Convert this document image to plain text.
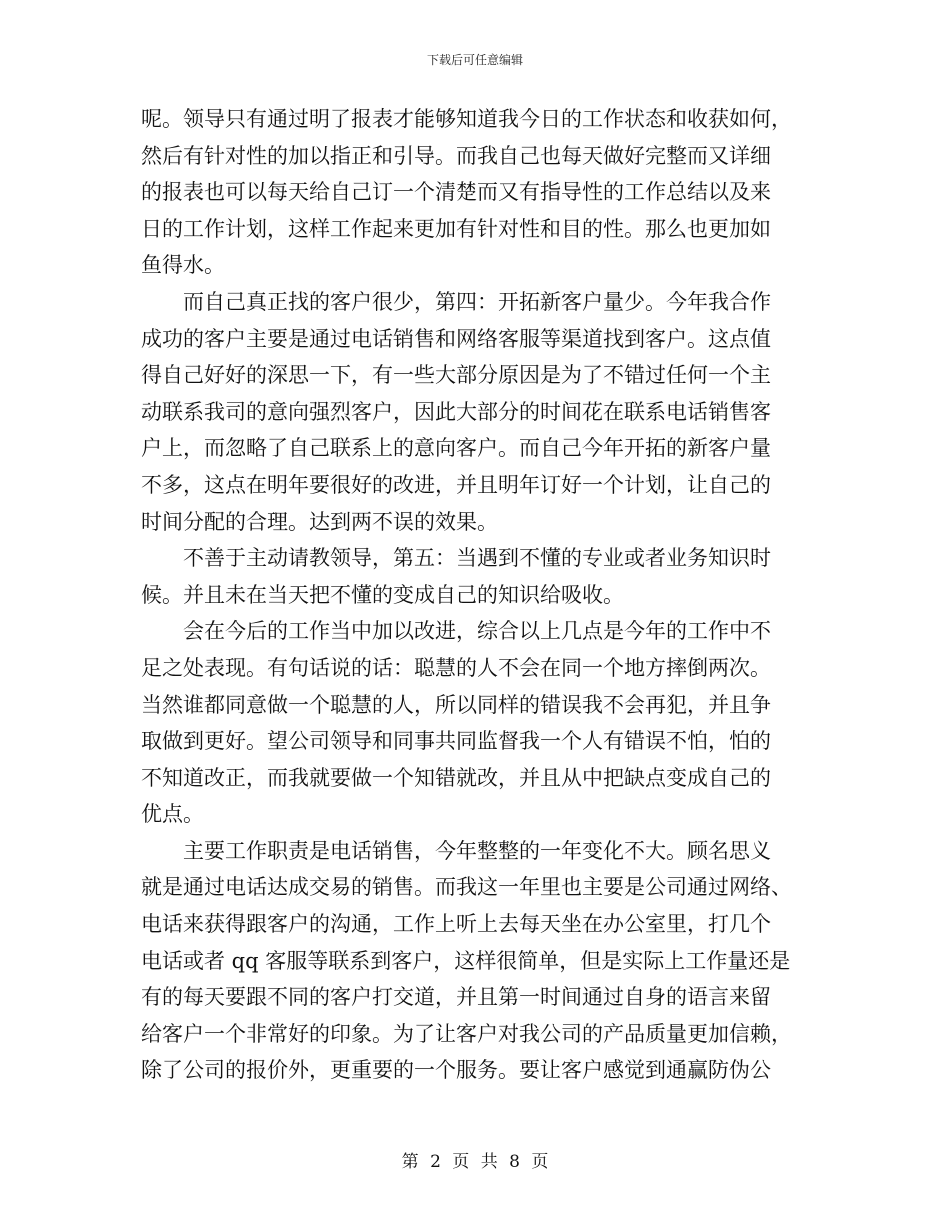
下载后可任意编辑
呢。领导只有通过明了报表才能够知道我今日的工作状态和收获如何，
然后有针对性的加以指正和引导。而我自己也每天做好完整而又详细
的报表也可以每天给自己订一个清楚而又有指导性的工作总结以及来
日的工作计划，这样工作起来更加有针对性和目的性。那么也更加如
鱼得水。
而自己真正找的客户很少，第四：开拓新客户量少。今年我合作
成功的客户主要是通过电话销售和网络客服等渠道找到客户。这点值
得自己好好的深思一下，有一些大部分原因是为了不错过任何一个主
动联系我司的意向强烈客户，因此大部分的时间花在联系电话销售客
户上，而忽略了自己联系上的意向客户。而自己今年开拓的新客户量
不多，这点在明年要很好的改进，并且明年订好一个计划，让自己的
时间分配的合理。达到两不误的效果。
不善于主动请教领导，第五：当遇到不懂的专业或者业务知识时
候。并且未在当天把不懂的变成自己的知识给吸收。
会在今后的工作当中加以改进，综合以上几点是今年的工作中不
足之处表现。有句话说的话：聪慧的人不会在同一个地方摔倒两次。
当然谁都同意做一个聪慧的人，所以同样的错误我不会再犯，并且争
取做到更好。望公司领导和同事共同监督我一个人有错误不怕，怕的
不知道改正，而我就要做一个知错就改，并且从中把缺点变成自己的
优点。
主要工作职责是电话销售，今年整整的一年变化不大。顾名思义
就是通过电话达成交易的销售。而我这一年里也主要是公司通过网络、
电话来获得跟客户的沟通，工作上听上去每天坐在办公室里，打几个
电话或者 qq 客服等联系到客户，这样很简单，但是实际上工作量还是
有的每天要跟不同的客户打交道，并且第一时间通过自身的语言来留
给客户一个非常好的印象。为了让客户对我公司的产品质量更加信赖，
除了公司的报价外，更重要的一个服务。要让客户感觉到通赢防伪公
第 2 页 共 8 页
